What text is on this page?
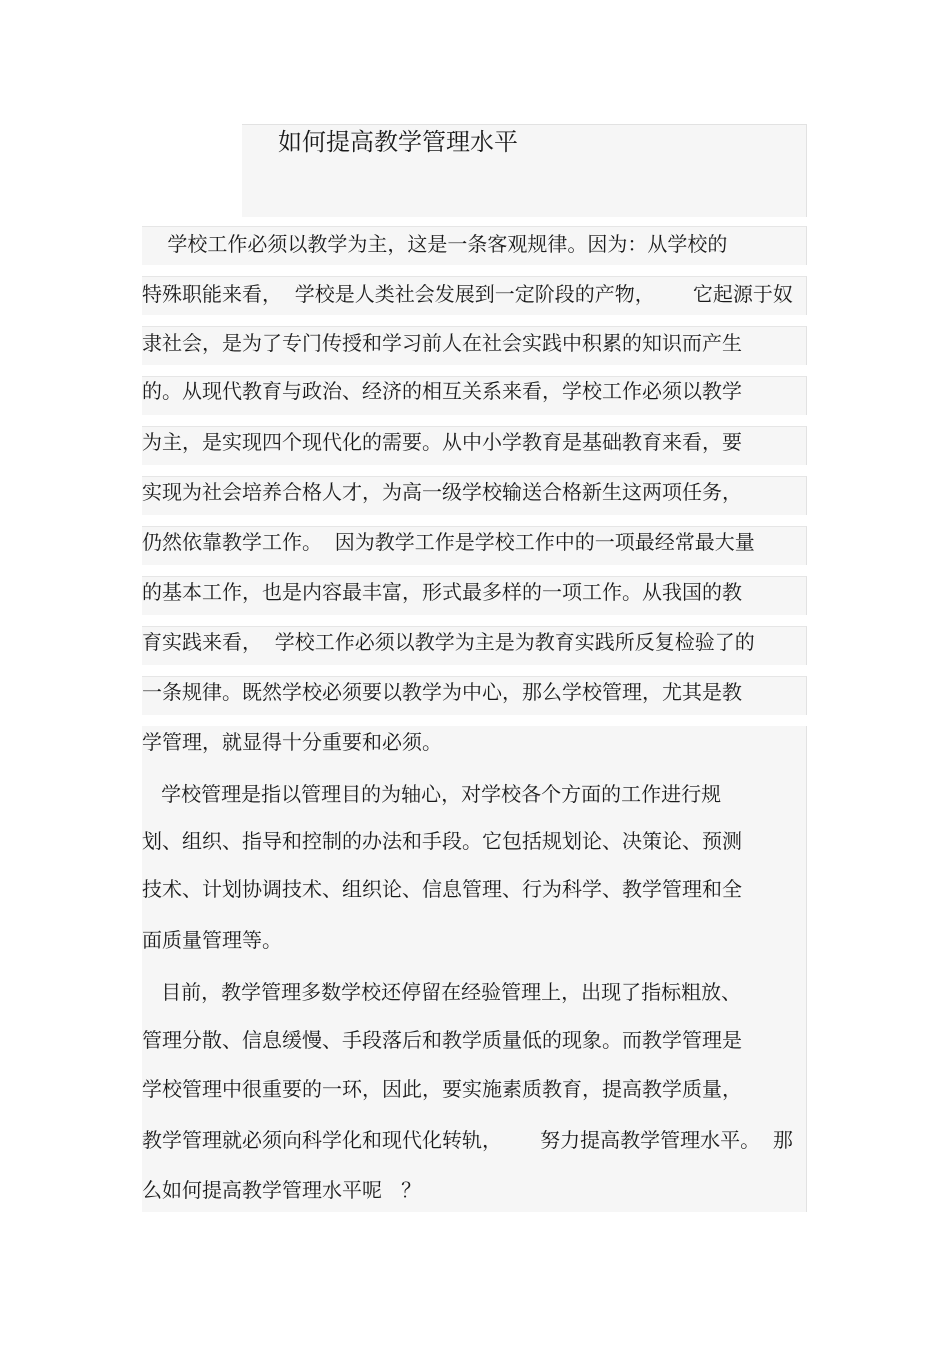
如何提高教学管理水平
学校工作必须以教学为主，这是一条客观规律。因为：从学校的
特殊职能来看，  学校是人类社会发展到一定阶段的产物，      它起源于奴
隶社会，是为了专门传授和学习前人在社会实践中积累的知识而产生
的。从现代教育与政治、经济的相互关系来看，学校工作必须以教学
为主，是实现四个现代化的需要。从中小学教育是基础教育来看，要
实现为社会培养合格人才，为高一级学校输送合格新生这两项任务，
仍然依靠教学工作。  因为教学工作是学校工作中的一项最经常最大量
的基本工作，也是内容最丰富，形式最多样的一项工作。从我国的教
育实践来看，  学校工作必须以教学为主是为教育实践所反复检验了的
一条规律。既然学校必须要以教学为中心，那么学校管理，尤其是教
学管理，就显得十分重要和必须。
学校管理是指以管理目的为轴心，对学校各个方面的工作进行规
划、组织、指导和控制的办法和手段。它包括规划论、决策论、预测
技术、计划协调技术、组织论、信息管理、行为科学、教学管理和全
面质量管理等。
目前，教学管理多数学校还停留在经验管理上，出现了指标粗放、
管理分散、信息缓慢、手段落后和教学质量低的现象。而教学管理是
学校管理中很重要的一环，因此，要实施素质教育，提高教学质量，
教学管理就必须向科学化和现代化转轨，      努力提高教学管理水平。  那
么如何提高教学管理水平呢   ？
